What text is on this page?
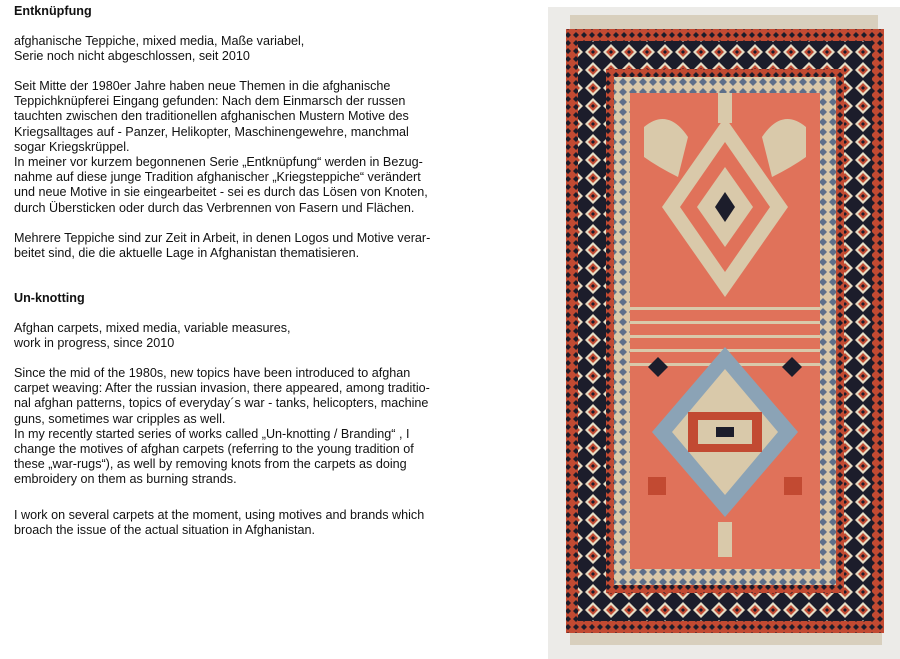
Entknüpfung

afghanische Teppiche, mixed media, Maße variabel,
Serie noch nicht abgeschlossen, seit 2010

Seit Mitte der 1980er Jahre haben neue Themen in die afghanische
Teppichknüpferei Eingang gefunden: Nach dem Einmarsch der russen
tauchten zwischen den traditionellen afghanischen Mustern Motive des
Kriegsalltages auf - Panzer, Helikopter, Maschinengewehre, manchmal
sogar Kriegskrüppel.
In meiner vor kurzem begonnenen Serie „Entknüpfung“ werden in Bezug-
nahme auf diese junge Tradition afghanischer „Kriegsteppiche“ verändert
und neue Motive in sie eingearbeitet - sei es durch das Lösen von Knoten,
durch Übersticken oder durch das Verbrennen von Fasern und Flächen.

Mehrere Teppiche sind zur Zeit in Arbeit, in denen Logos und Motive verar-
beitet sind, die die aktuelle Lage in Afghanistan thematisieren.

Un-knotting

Afghan carpets, mixed media, variable measures,
work in progress, since 2010

Since the mid of the 1980s, new topics have been introduced to afghan
carpet weaving: After the russian invasion, there appeared, among traditio-
nal afghan patterns, topics of everyday´s war - tanks, helicopters, machine
guns, sometimes war cripples as well.
In my recently started series of works called „Un-knotting / Branding“ , I
change the motives of afghan carpets (referring to the young tradition of
these „war-rugs“), as well by removing knots from the carpets as doing
embroidery on them as burning strands.

I work on several carpets at the moment, using motives and brands which
broach the issue of the actual situation in Afghanistan.
